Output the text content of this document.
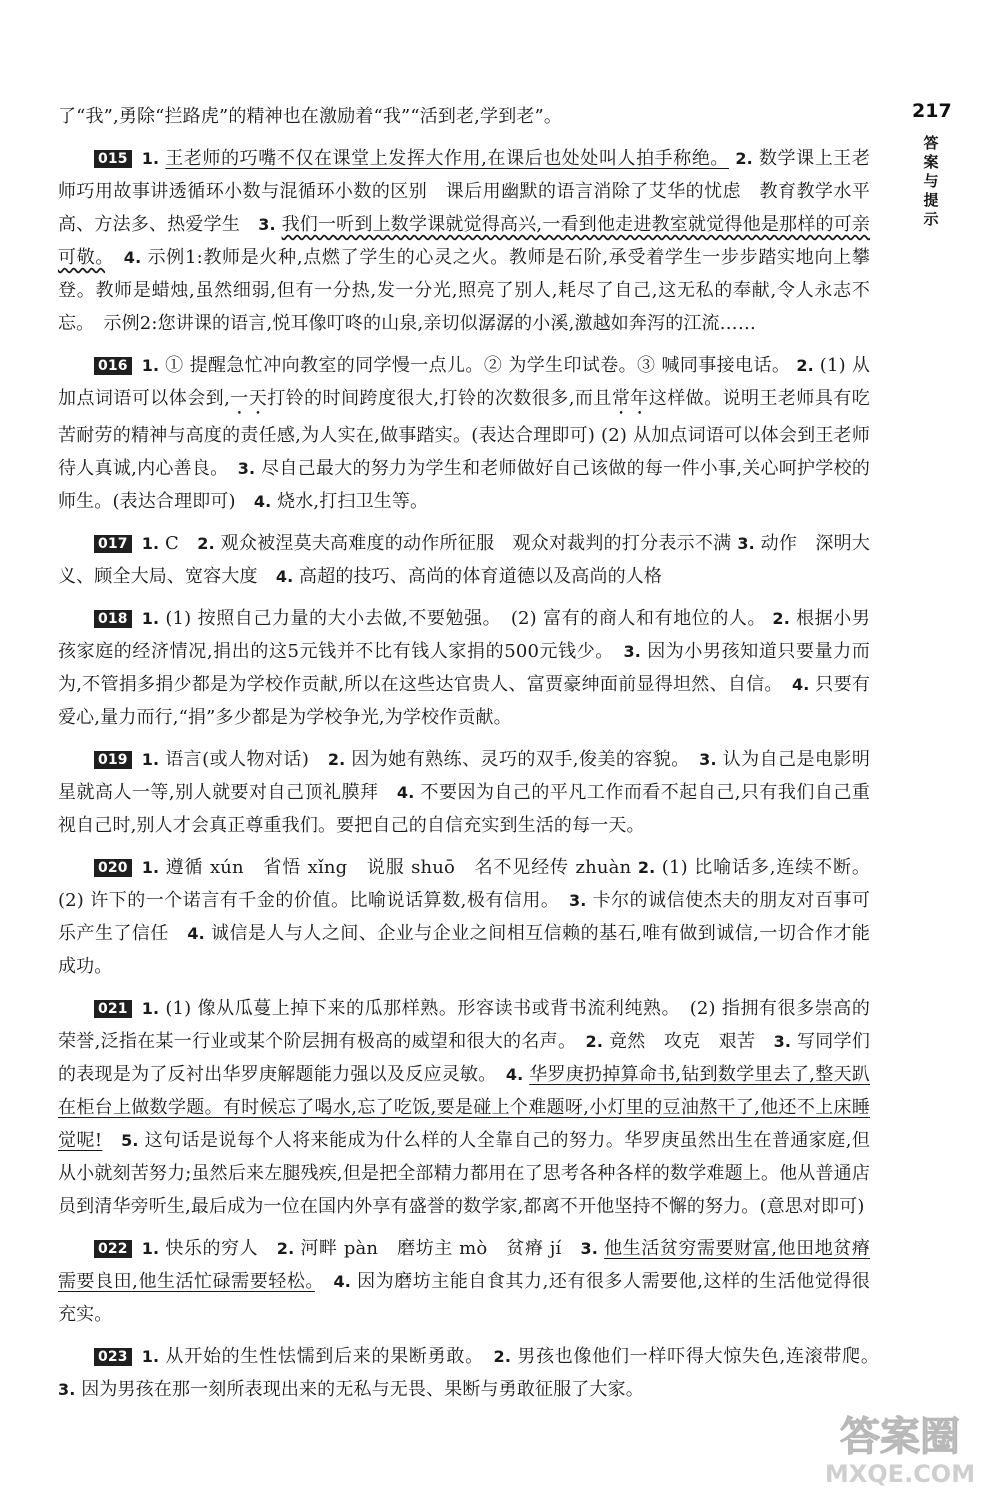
217
答
案
与
提
示

了“我”,勇除“拦路虎”的精神也在激励着“我”“活到老,学到老”。

015 1. 王老师的巧嘴不仅在课堂上发挥大作用,在课后也处处叫人拍手称绝。 2. 数学课上王老师巧用故事讲透循环小数与混循环小数的区别　课后用幽默的语言消除了艾华的忧虑　教育教学水平高、方法多、热爱学生　3. 我们一听到上数学课就觉得高兴,一看到他走进教室就觉得他是那样的可亲可敬。　 4. 示例1:教师是火种,点燃了学生的心灵之火。教师是石阶,承受着学生一步步踏实地向上攀登。教师是蜡烛,虽然细弱,但有一分热,发一分光,照亮了别人,耗尽了自己,这无私的奉献,令人永志不忘。　示例2:您讲课的语言,悦耳像叮咚的山泉,亲切似潺潺的小溪,激越如奔泻的江流……

016 1. ① 提醒急忙冲向教室的同学慢一点儿。② 为学生印试卷。③ 喊同事接电话。 2. (1) 从加点词语可以体会到,一天打铃的时间跨度很大,打铃的次数很多,而且常年这样做。说明王老师具有吃苦耐劳的精神与高度的责任感,为人实在,做事踏实。(表达合理即可) (2) 从加点词语可以体会到王老师待人真诚,内心善良。　3. 尽自己最大的努力为学生和老师做好自己该做的每一件小事,关心呵护学校的师生。(表达合理即可)　4. 烧水,打扫卫生等。

017 1. C　2. 观众被涅莫夫高难度的动作所征服　观众对裁判的打分表示不满 3. 动作　深明大义、顾全大局、宽容大度　4. 高超的技巧、高尚的体育道德以及高尚的人格

018 1. (1) 按照自己力量的大小去做,不要勉强。　(2) 富有的商人和有地位的人。 2. 根据小男孩家庭的经济情况,捐出的这5元钱并不比有钱人家捐的500元钱少。　3. 因为小男孩知道只要量力而为,不管捐多捐少都是为学校作贡献,所以在这些达官贵人、富贾豪绅面前显得坦然、自信。　4. 只要有爱心,量力而行,“捐”多少都是为学校争光,为学校作贡献。

019 1. 语言(或人物对话)　2. 因为她有熟练、灵巧的双手,俊美的容貌。　3. 认为自己是电影明星就高人一等,别人就要对自己顶礼膜拜　4. 不要因为自己的平凡工作而看不起自己,只有我们自己重视自己时,别人才会真正尊重我们。要把自己的自信充实到生活的每一天。

020 1. 遵循 xún　省悟 xǐng　说服 shuō　名不见经传 zhuàn 2. (1) 比喻话多,连续不断。 (2) 许下的一个诺言有千金的价值。比喻说话算数,极有信用。　3. 卡尔的诚信使杰夫的朋友对百事可乐产生了信任　4. 诚信是人与人之间、企业与企业之间相互信赖的基石,唯有做到诚信,一切合作才能成功。

021 1. (1) 像从瓜蔓上掉下来的瓜那样熟。形容读书或背书流利纯熟。　(2) 指拥有很多崇高的荣誉,泛指在某一行业或某个阶层拥有极高的威望和很大的名声。　2. 竟然　攻克　艰苦　3. 写同学们的表现是为了反衬出华罗庚解题能力强以及反应灵敏。　4. 华罗庚扔掉算命书,钻到数学里去了,整天趴在柜台上做数学题。有时候忘了喝水,忘了吃饭,要是碰上个难题呀,小灯里的豆油熬干了,他还不上床睡觉呢!　 5. 这句话是说每个人将来能成为什么样的人全靠自己的努力。华罗庚虽然出生在普通家庭,但从小就刻苦努力;虽然后来左腿残疾,但是把全部精力都用在了思考各种各样的数学难题上。他从普通店员到清华旁听生,最后成为一位在国内外享有盛誉的数学家,都离不开他坚持不懈的努力。(意思对即可)

022 1. 快乐的穷人　2. 河畔 pàn　磨坊主 mò　贫瘠 jí　3. 他生活贫穷需要财富,他田地贫瘠需要良田,他生活忙碌需要轻松。　 4. 因为磨坊主能自食其力,还有很多人需要他,这样的生活他觉得很充实。

023 1. 从开始的生性怯懦到后来的果断勇敢。　2. 男孩也像他们一样吓得大惊失色,连滚带爬。　3. 因为男孩在那一刻所表现出来的无私与无畏、果断与勇敢征服了大家。

答案圈
MXQE.COM
